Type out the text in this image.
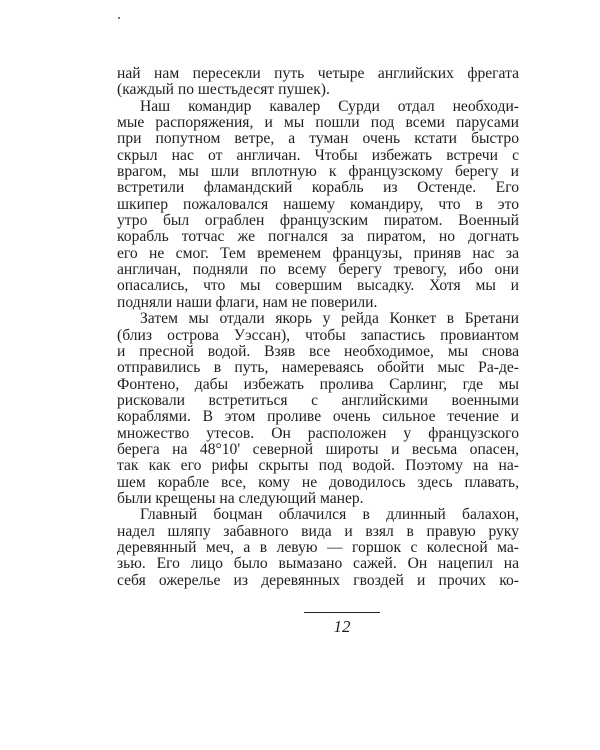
най нам пересекли путь четыре английских фрегата
(каждый по шестьдесят пушек).
Наш командир кавалер Сурди отдал необходи-
мые распоряжения, и мы пошли под всеми парусами
при попутном ветре, а туман очень кстати быстро
скрыл нас от англичан. Чтобы избежать встречи с
врагом, мы шли вплотную к французскому берегу и
встретили фламандский корабль из Остенде. Его
шкипер пожаловался нашему командиру, что в это
утро был ограблен французским пиратом. Военный
корабль тотчас же погнался за пиратом, но догнать
его не смог. Тем временем французы, приняв нас за
англичан, подняли по всему берегу тревогу, ибо они
опасались, что мы совершим высадку. Хотя мы и
подняли наши флаги, нам не поверили.
Затем мы отдали якорь у рейда Конкет в Бретани
(близ острова Уэссан), чтобы запастись провиантом
и пресной водой. Взяв все необходимое, мы снова
отправились в путь, намереваясь обойти мыс Ра-де-
Фонтено, дабы избежать пролива Сарлинг, где мы
рисковали встретиться с английскими военными
кораблями. В этом проливе очень сильное течение и
множество утесов. Он расположен у французского
берега на 48°10' северной широты и весьма опасен,
так как его рифы скрыты под водой. Поэтому на на-
шем корабле все, кому не доводилось здесь плавать,
были крещены на следующий манер.
Главный боцман облачился в длинный балахон,
надел шляпу забавного вида и взял в правую руку
деревянный меч, а в левую — горшок с колесной ма-
зью. Его лицо было вымазано сажей. Он нацепил на
себя ожерелье из деревянных гвоздей и прочих ко-
12
